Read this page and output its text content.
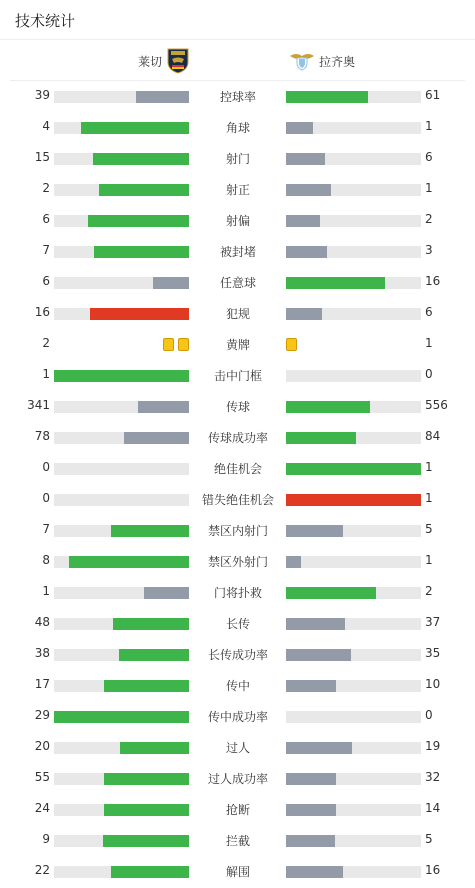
技术统计
莱切	拉齐奥
39	控球率	61
4	角球	1
15	射门	6
2	射正	1
6	射偏	2
7	被封堵	3
6	任意球	16
16	犯规	6
2	黄牌	1
1	击中门框	0
341	传球	556
78	传球成功率	84
0	绝佳机会	1
0	错失绝佳机会	1
7	禁区内射门	5
8	禁区外射门	1
1	门将扑救	2
48	长传	37
38	长传成功率	35
17	传中	10
29	传中成功率	0
20	过人	19
55	过人成功率	32
24	抢断	14
9	拦截	5
22	解围	16
